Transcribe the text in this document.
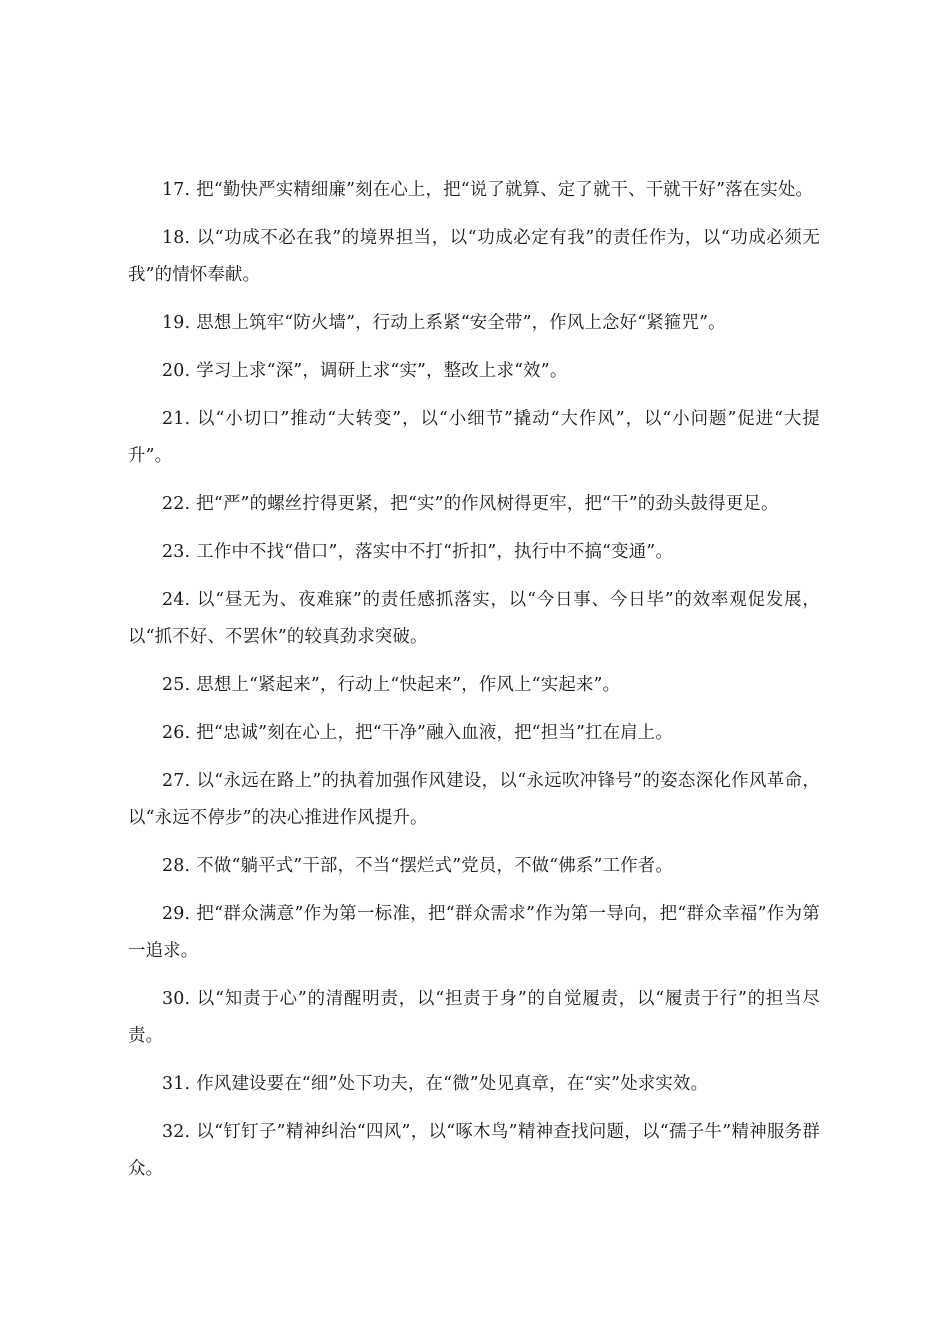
17. 把“勤快严实精细廉”刻在心上，把“说了就算、定了就干、干就干好”落在实处。

18. 以“功成不必在我”的境界担当，以“功成必定有我”的责任作为，以“功成必须无我”的情怀奉献。

19. 思想上筑牢“防火墙”，行动上系紧“安全带”，作风上念好“紧箍咒”。

20. 学习上求“深”，调研上求“实”，整改上求“效”。

21. 以“小切口”推动“大转变”，以“小细节”撬动“大作风”，以“小问题”促进“大提升”。

22. 把“严”的螺丝拧得更紧，把“实”的作风树得更牢，把“干”的劲头鼓得更足。

23. 工作中不找“借口”，落实中不打“折扣”，执行中不搞“变通”。

24. 以“昼无为、夜难寐”的责任感抓落实，以“今日事、今日毕”的效率观促发展，以“抓不好、不罢休”的较真劲求突破。

25. 思想上“紧起来”，行动上“快起来”，作风上“实起来”。

26. 把“忠诚”刻在心上，把“干净”融入血液，把“担当”扛在肩上。

27. 以“永远在路上”的执着加强作风建设，以“永远吹冲锋号”的姿态深化作风革命，以“永远不停步”的决心推进作风提升。

28. 不做“躺平式”干部，不当“摆烂式”党员，不做“佛系”工作者。

29. 把“群众满意”作为第一标准，把“群众需求”作为第一导向，把“群众幸福”作为第一追求。

30. 以“知责于心”的清醒明责，以“担责于身”的自觉履责，以“履责于行”的担当尽责。

31. 作风建设要在“细”处下功夫，在“微”处见真章，在“实”处求实效。

32. 以“钉钉子”精神纠治“四风”，以“啄木鸟”精神查找问题，以“孺子牛”精神服务群众。
